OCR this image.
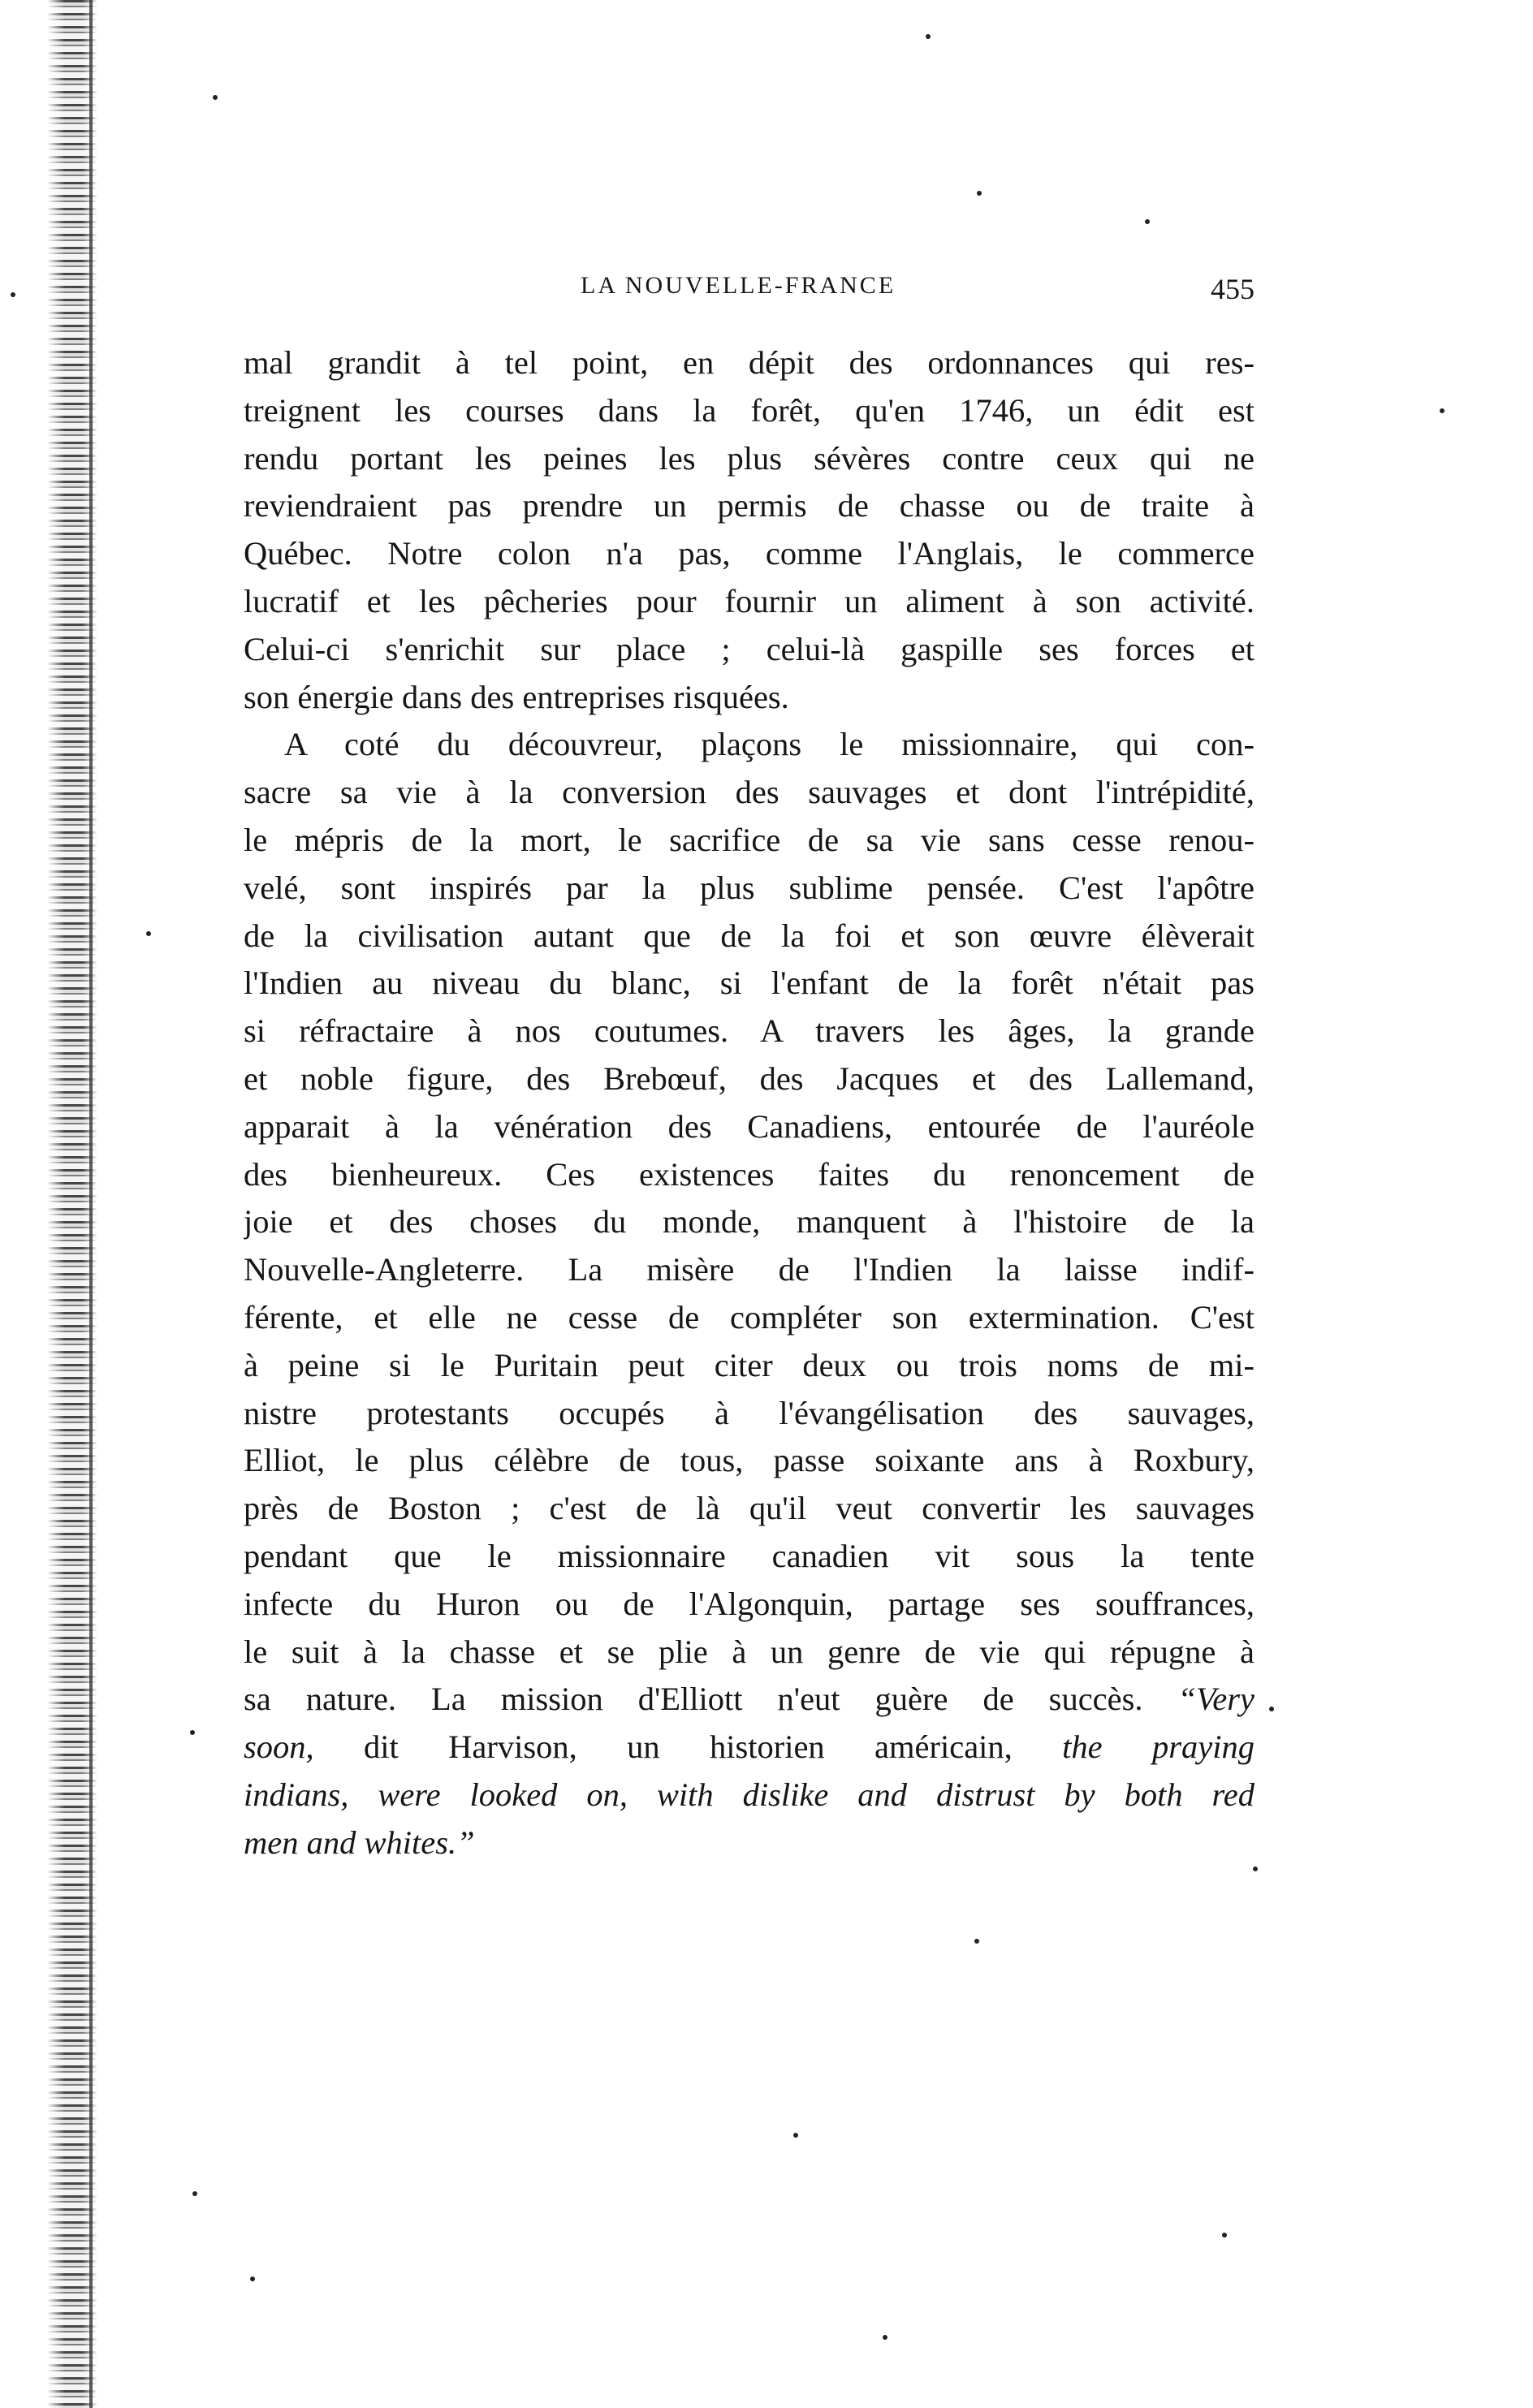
LA NOUVELLE-FRANCE	455
mal grandit à tel point, en dépit des ordonnances qui res-
treignent les courses dans la forêt, qu'en 1746, un édit est
rendu portant les peines les plus sévères contre ceux qui ne
reviendraient pas prendre un permis de chasse ou de traite à
Québec. Notre colon n'a pas, comme l'Anglais, le commerce
lucratif et les pêcheries pour fournir un aliment à son activité.
Celui-ci s'enrichit sur place ; celui-là gaspille ses forces et
son énergie dans des entreprises risquées.
A coté du découvreur, plaçons le missionnaire, qui con-
sacre sa vie à la conversion des sauvages et dont l'intrépidité,
le mépris de la mort, le sacrifice de sa vie sans cesse renou-
velé, sont inspirés par la plus sublime pensée. C'est l'apôtre
de la civilisation autant que de la foi et son œuvre élèverait
l'Indien au niveau du blanc, si l'enfant de la forêt n'était pas
si réfractaire à nos coutumes. A travers les âges, la grande
et noble figure, des Brebœuf, des Jacques et des Lallemand,
apparait à la vénération des Canadiens, entourée de l'auréole
des bienheureux. Ces existences faites du renoncement de
joie et des choses du monde, manquent à l'histoire de la
Nouvelle-Angleterre. La misère de l'Indien la laisse indif-
férente, et elle ne cesse de compléter son extermination. C'est
à peine si le Puritain peut citer deux ou trois noms de mi-
nistre protestants occupés à l'évangélisation des sauvages,
Elliot, le plus célèbre de tous, passe soixante ans à Roxbury,
près de Boston ; c'est de là qu'il veut convertir les sauvages
pendant que le missionnaire canadien vit sous la tente
infecte du Huron ou de l'Algonquin, partage ses souffrances,
le suit à la chasse et se plie à un genre de vie qui répugne à
sa nature. La mission d'Elliott n'eut guère de succès. “Very
soon, dit Harvison, un historien américain, the praying
indians, were looked on, with dislike and distrust by both red
men and whites.”
